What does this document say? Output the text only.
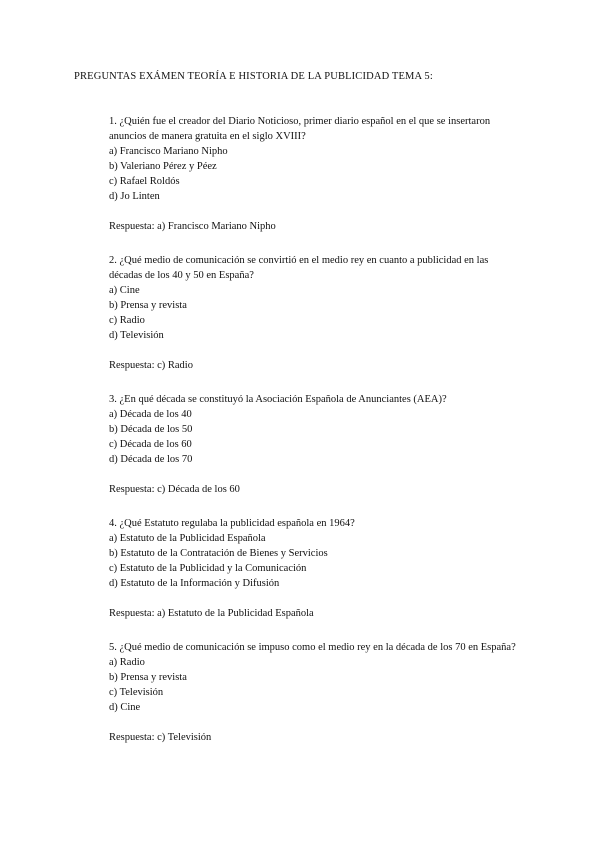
PREGUNTAS EXÁMEN TEORÍA E HISTORIA DE LA PUBLICIDAD TEMA 5:

1. ¿Quién fue el creador del Diario Noticioso, primer diario español en el que se insertaron anuncios de manera gratuita en el siglo XVIII?

a) Francisco Mariano Nipho
b) Valeriano Pérez y Péez
c) Rafael Roldós
d) Jo Linten

Respuesta: a) Francisco Mariano Nipho

2. ¿Qué medio de comunicación se convirtió en el medio rey en cuanto a publicidad en las décadas de los 40 y 50 en España?

a) Cine
b) Prensa y revista
c) Radio
d) Televisión

Respuesta: c) Radio

3. ¿En qué década se constituyó la Asociación Española de Anunciantes (AEA)?

a) Década de los 40
b) Década de los 50
c) Década de los 60
d) Década de los 70

Respuesta: c) Década de los 60

4. ¿Qué Estatuto regulaba la publicidad española en 1964?

a) Estatuto de la Publicidad Española
b) Estatuto de la Contratación de Bienes y Servicios
c) Estatuto de la Publicidad y la Comunicación
d) Estatuto de la Información y Difusión

Respuesta: a) Estatuto de la Publicidad Española

5. ¿Qué medio de comunicación se impuso como el medio rey en la década de los 70 en España?

a) Radio
b) Prensa y revista
c) Televisión
d) Cine

Respuesta: c) Televisión
